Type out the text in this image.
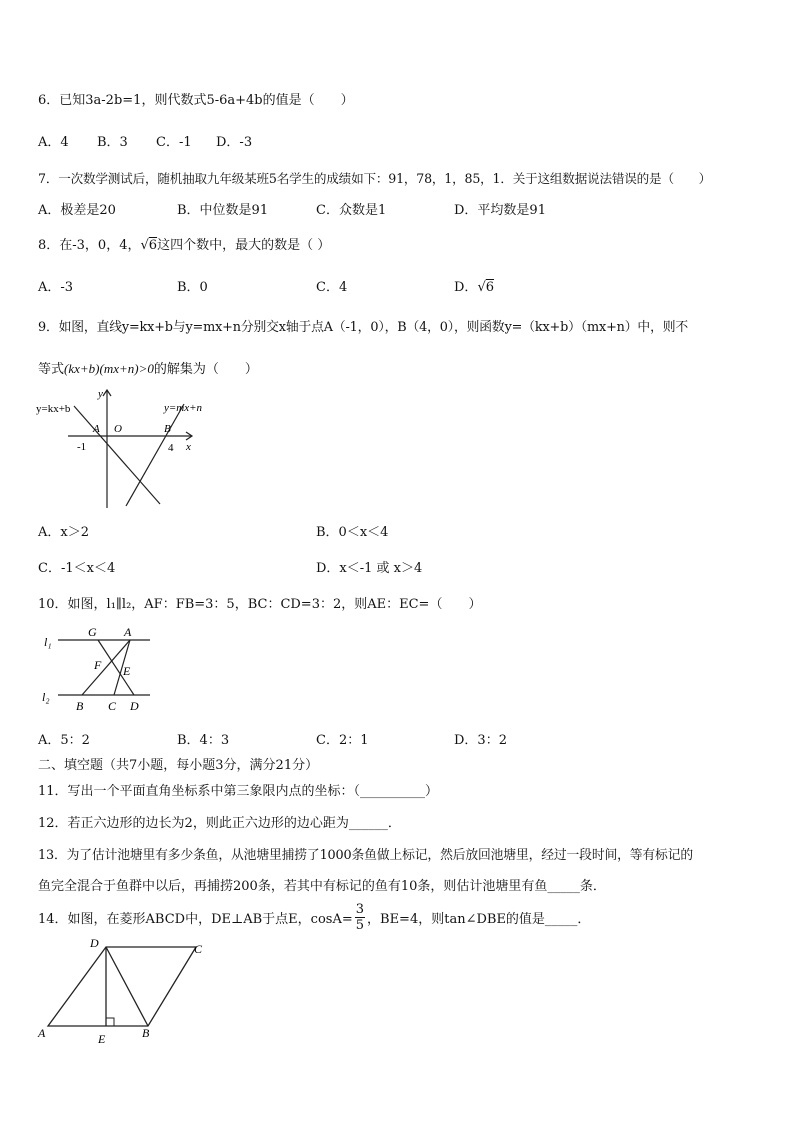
6．已知3a-2b=1，则代数式5-6a+4b的值是（　　）
A．4 B．3 C．-1 D．-3
7．一次数学测试后，随机抽取九年级某班5名学生的成绩如下：91，78，1，85，1．关于这组数据说法错误的是（　　）
A．极差是20	B．中位数是91	C．众数是1	D．平均数是91
8．在-3，0，4，√6这四个数中，最大的数是（ ）
A．-3	B．0	C．4	D．√6
9．如图，直线y=kx+b与y=mx+n分别交x轴于点A（-1，0），B（4，0），则函数y=（kx+b）（mx+n）中，则不
等式(kx+b)(mx+n)>0的解集为（　　）
y=kx+b	y=mx+n
y
x
O
A	B
-1	4
A．x＞2	B．0＜x＜4
C．-1＜x＜4	D．x＜-1 或 x＞4
10．如图，l₁∥l₂，AF：FB=3：5，BC：CD=3：2，则AE：EC=（　　）
l₁
l₂
G A
F E
B C D
A．5：2	B．4：3	C．2：1	D．3：2
二、填空题（共7小题，每小题3分，满分21分）
11．写出一个平面直角坐标系中第三象限内点的坐标：（__________）
12．若正六边形的边长为2，则此正六边形的边心距为______．
13．为了估计池塘里有多少条鱼，从池塘里捕捞了1000条鱼做上标记，然后放回池塘里，经过一段时间，等有标记的
鱼完全混合于鱼群中以后，再捕捞200条，若其中有标记的鱼有10条，则估计池塘里有鱼_____条．
14．如图，在菱形ABCD中，DE⊥AB于点E，$\cos A= \frac{3}{5}$ ，BE=4，则tan∠DBE的值是_____．
D	C
A	B
E
